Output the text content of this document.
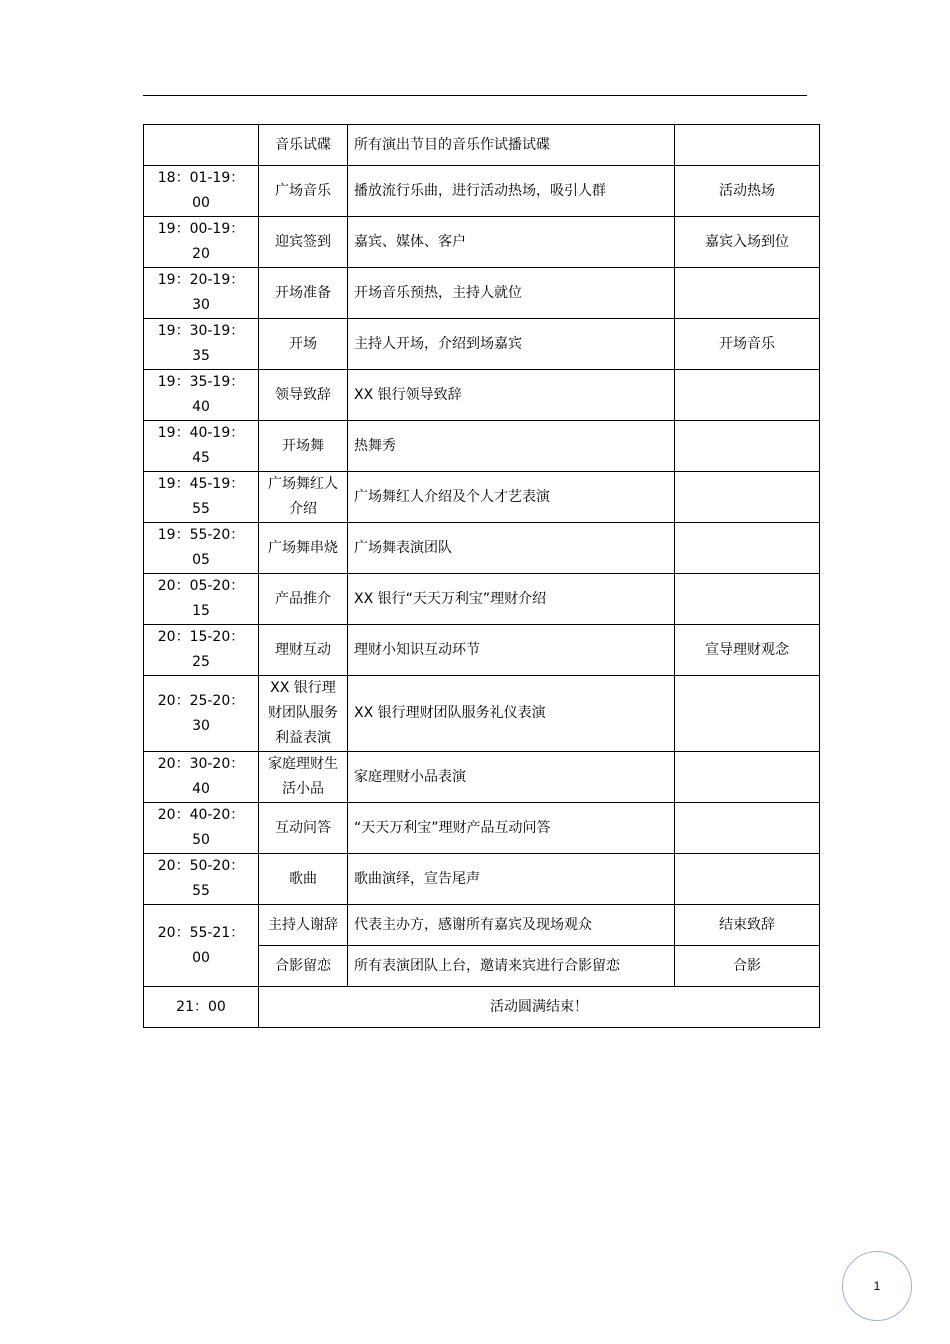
	音乐试碟	所有演出节目的音乐作试播试碟	
18：01-19：00	广场音乐	播放流行乐曲，进行活动热场，吸引人群	活动热场
19：00-19：20	迎宾签到	嘉宾、媒体、客户	嘉宾入场到位
19：20-19：30	开场准备	开场音乐预热，主持人就位	
19：30-19：35	开场	主持人开场，介绍到场嘉宾	开场音乐
19：35-19：40	领导致辞	XX 银行领导致辞	
19：40-19：45	开场舞	热舞秀	
19：45-19：55	广场舞红人介绍	广场舞红人介绍及个人才艺表演	
19：55-20：05	广场舞串烧	广场舞表演团队	
20：05-20：15	产品推介	XX 银行“天天万利宝”理财介绍	
20：15-20：25	理财互动	理财小知识互动环节	宣导理财观念
20：25-20：30	XX 银行理财团队服务利益表演	XX 银行理财团队服务礼仪表演	
20：30-20：40	家庭理财生活小品	家庭理财小品表演	
20：40-20：50	互动问答	“天天万利宝”理财产品互动问答	
20：50-20：55	歌曲	歌曲演绎，宣告尾声	
20：55-21：00	主持人谢辞	代表主办方，感谢所有嘉宾及现场观众	结束致辞
	合影留恋	所有表演团队上台，邀请来宾进行合影留恋	合影
21：00	活动圆满结束！		
1
